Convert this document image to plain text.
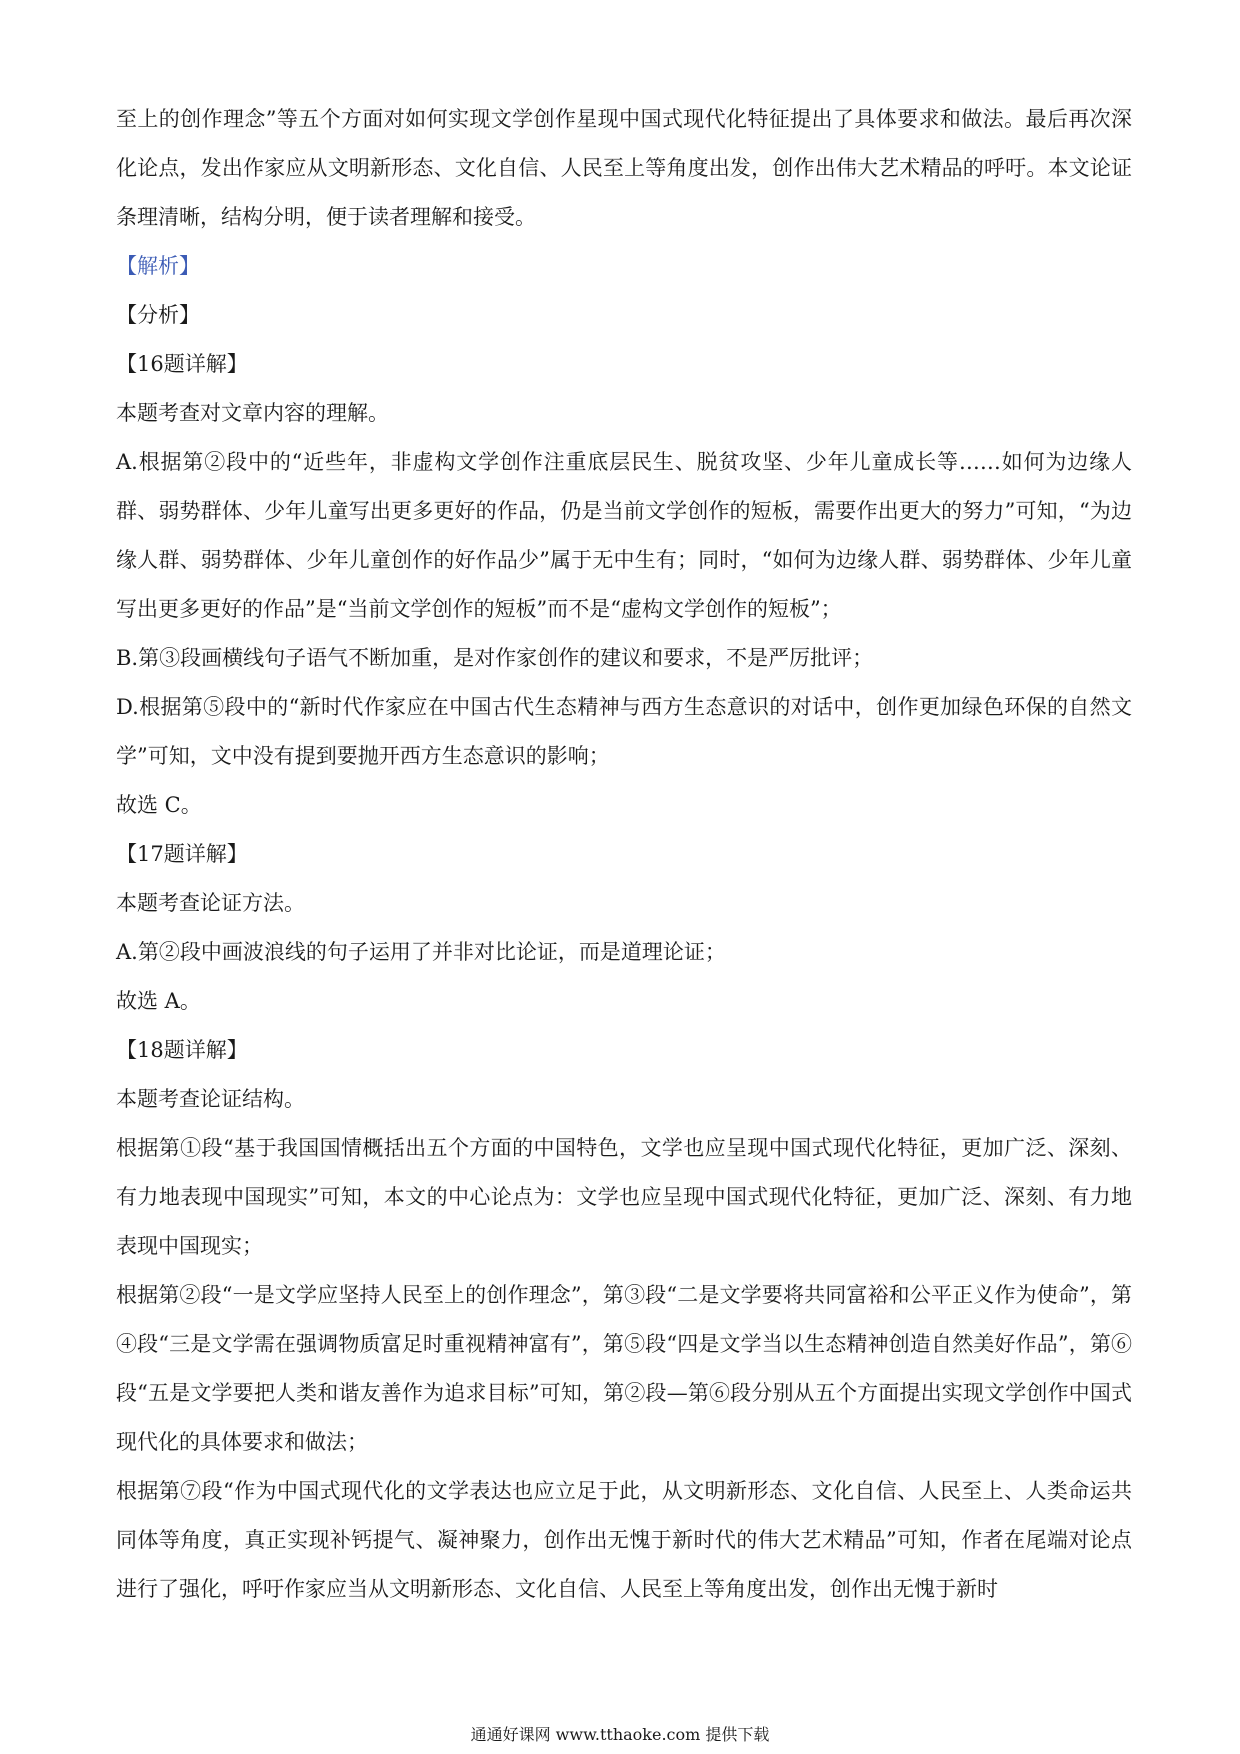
至上的创作理念”等五个方面对如何实现文学创作星现中国式现代化特征提出了具体要求和做法。最后再次深化论点，发出作家应从文明新形态、文化自信、人民至上等角度出发，创作出伟大艺术精品的呼吁。本文论证条理清晰，结构分明，便于读者理解和接受。

【解析】

【分析】

【16题详解】

本题考查对文章内容的理解。

A.根据第②段中的“近些年，非虚构文学创作注重底层民生、脱贫攻坚、少年儿童成长等……如何为边缘人群、弱势群体、少年儿童写出更多更好的作品，仍是当前文学创作的短板，需要作出更大的努力”可知，“为边缘人群、弱势群体、少年儿童创作的好作品少”属于无中生有；同时，“如何为边缘人群、弱势群体、少年儿童写出更多更好的作品”是“当前文学创作的短板”而不是“虚构文学创作的短板”；

B.第③段画横线句子语气不断加重，是对作家创作的建议和要求，不是严厉批评；

D.根据第⑤段中的“新时代作家应在中国古代生态精神与西方生态意识的对话中，创作更加绿色环保的自然文学”可知，文中没有提到要抛开西方生态意识的影响；

故选 C。

【17题详解】

本题考查论证方法。

A.第②段中画波浪线的句子运用了并非对比论证，而是道理论证；

故选 A。

【18题详解】

本题考查论证结构。

根据第①段“基于我国国情概括出五个方面的中国特色，文学也应呈现中国式现代化特征，更加广泛、深刻、有力地表现中国现实”可知，本文的中心论点为：文学也应呈现中国式现代化特征，更加广泛、深刻、有力地表现中国现实；

根据第②段“一是文学应坚持人民至上的创作理念”，第③段“二是文学要将共同富裕和公平正义作为使命”，第④段“三是文学需在强调物质富足时重视精神富有”，第⑤段“四是文学当以生态精神创造自然美好作品”，第⑥段“五是文学要把人类和谐友善作为追求目标”可知，第②段—第⑥段分别从五个方面提出实现文学创作中国式现代化的具体要求和做法；

根据第⑦段“作为中国式现代化的文学表达也应立足于此，从文明新形态、文化自信、人民至上、人类命运共同体等角度，真正实现补钙提气、凝神聚力，创作出无愧于新时代的伟大艺术精品”可知，作者在尾端对论点进行了强化，呼吁作家应当从文明新形态、文化自信、人民至上等角度出发，创作出无愧于新时

通通好课网 www.tthaoke.com 提供下载
